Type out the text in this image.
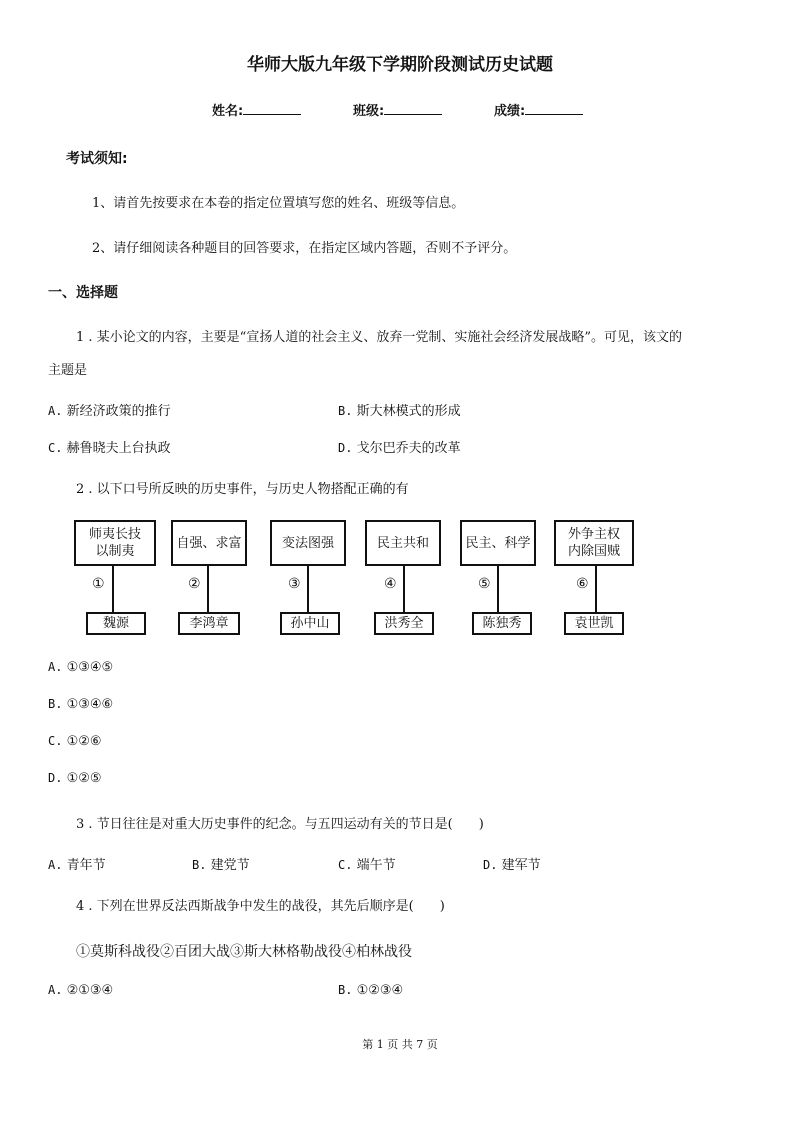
华师大版九年级下学期阶段测试历史试题
姓名:	班级:	成绩:
考试须知:
1、请首先按要求在本卷的指定位置填写您的姓名、班级等信息。
2、请仔细阅读各种题目的回答要求，在指定区域内答题，否则不予评分。
一、选择题
1 . 某小论文的内容，主要是“宣扬人道的社会主义、放弃一党制、实施社会经济发展战略”。可见，该文的
主题是
A. 新经济政策的推行	B. 斯大林模式的形成
C. 赫鲁晓夫上台执政	D. 戈尔巴乔夫的改革
2 . 以下口号所反映的历史事件，与历史人物搭配正确的有
师夷长技
以制夷
①
魏源
自强、求富
②
李鸿章
变法图强
③
孙中山
民主共和
④
洪秀全
民主、科学
⑤
陈独秀
外争主权
内除国贼
⑥
袁世凯
A. ①③④⑤
B. ①③④⑥
C. ①②⑥
D. ①②⑤
3 . 节日往往是对重大历史事件的纪念。与五四运动有关的节日是(　　)
A. 青年节	B. 建党节	C. 端午节	D. 建军节
4 . 下列在世界反法西斯战争中发生的战役，其先后顺序是(　　)
①莫斯科战役②百团大战③斯大林格勒战役④柏林战役
A. ②①③④	B. ①②③④
第 1 页 共 7 页
